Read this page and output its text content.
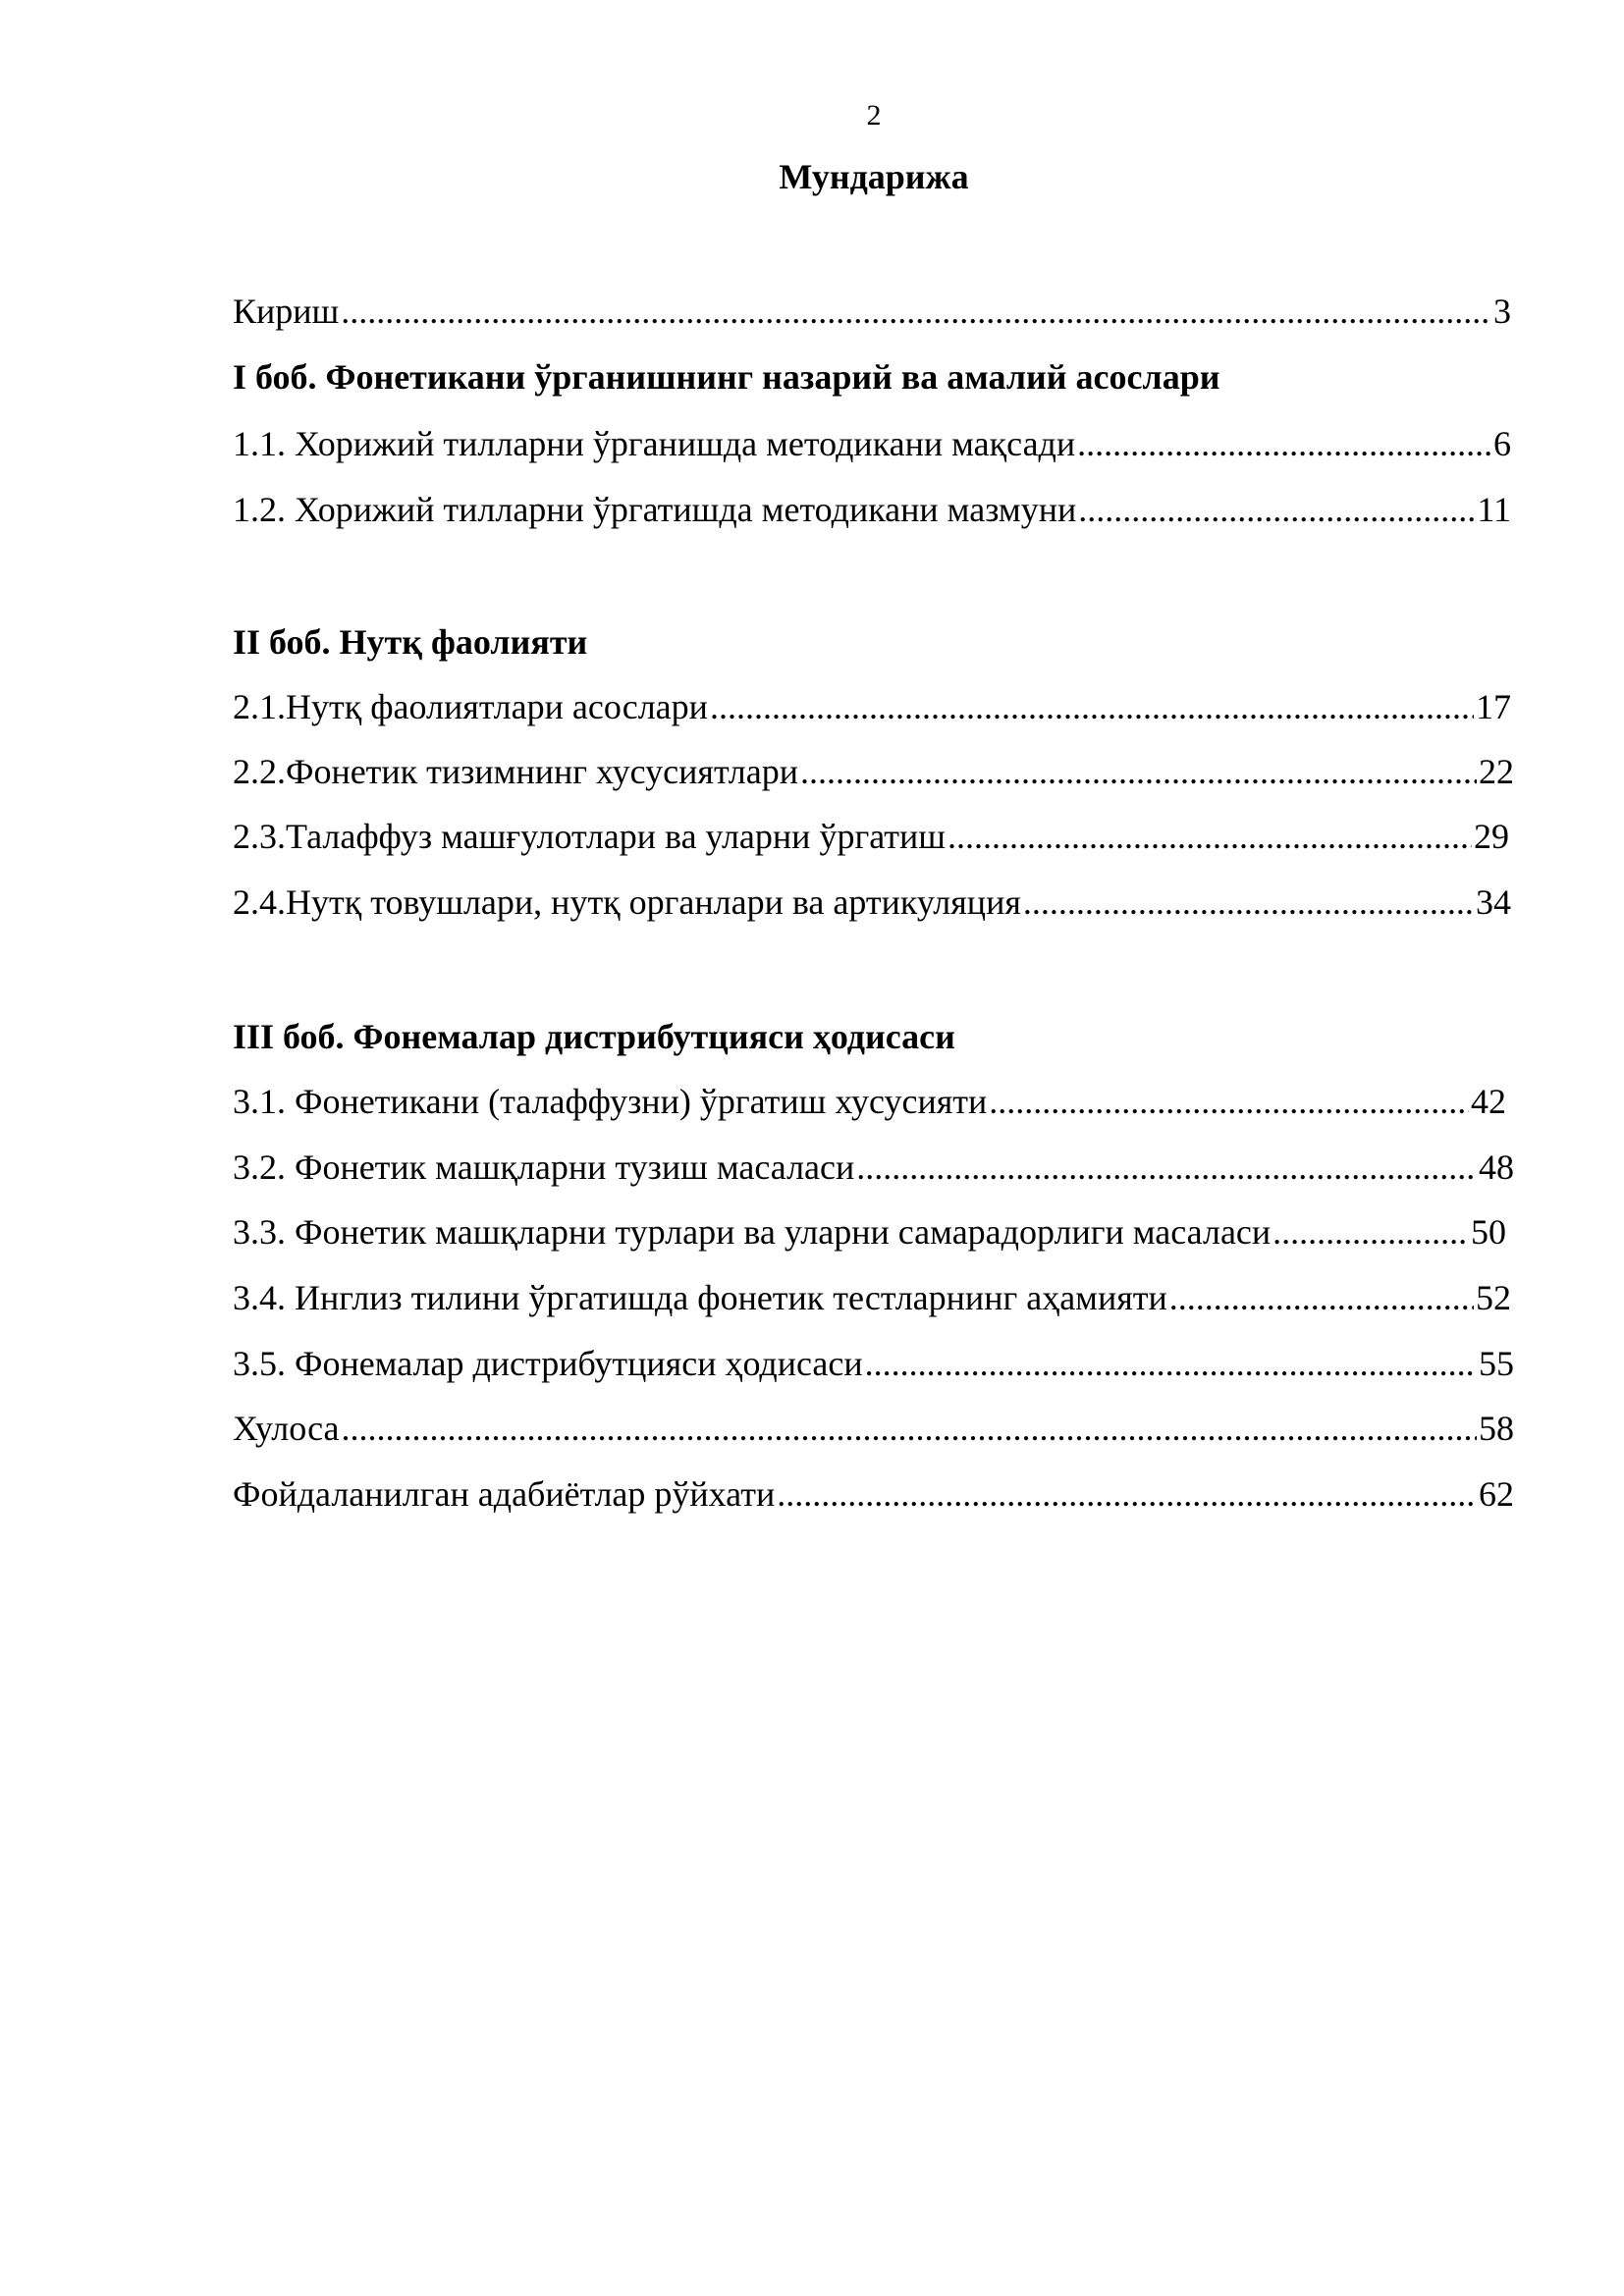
2
Мундарижа
Кириш .....	3
I боб. Фонетикани ўрганишнинг назарий ва амалий асослари
1.1. Хорижий тилларни ўрганишда методикани мақсади .....	6
1.2. Хорижий тилларни ўргатишда методикани мазмуни .....	11
II боб. Нутқ фаолияти
2.1. Нутқ фаолиятлари асослари .....	17
2.2. Фонетик тизимнинг хусусиятлари .....	22
2.3. Талаффуз машғулотлари ва уларни ўргатиш .....	29
2.4. Нутқ товушлари, нутқ органлари ва артикуляция .....	34
III боб. Фонемалар дистрибутцияси ҳодисаси
3.1. Фонетикани (талаффузни) ўргатиш хусусияти .....	42
3.2. Фонетик машқларни тузиш масаласи .....	48
3.3. Фонетик машқларни турлари ва уларни самарадорлиги масаласи .....	50
3.4. Инглиз тилини ўргатишда фонетик тестларнинг аҳамияти .....	52
3.5. Фонемалар дистрибутцияси ҳодисаси .....	55
Хулоса .....	58
Фойдаланилган адабиётлар рўйхати .....	62
